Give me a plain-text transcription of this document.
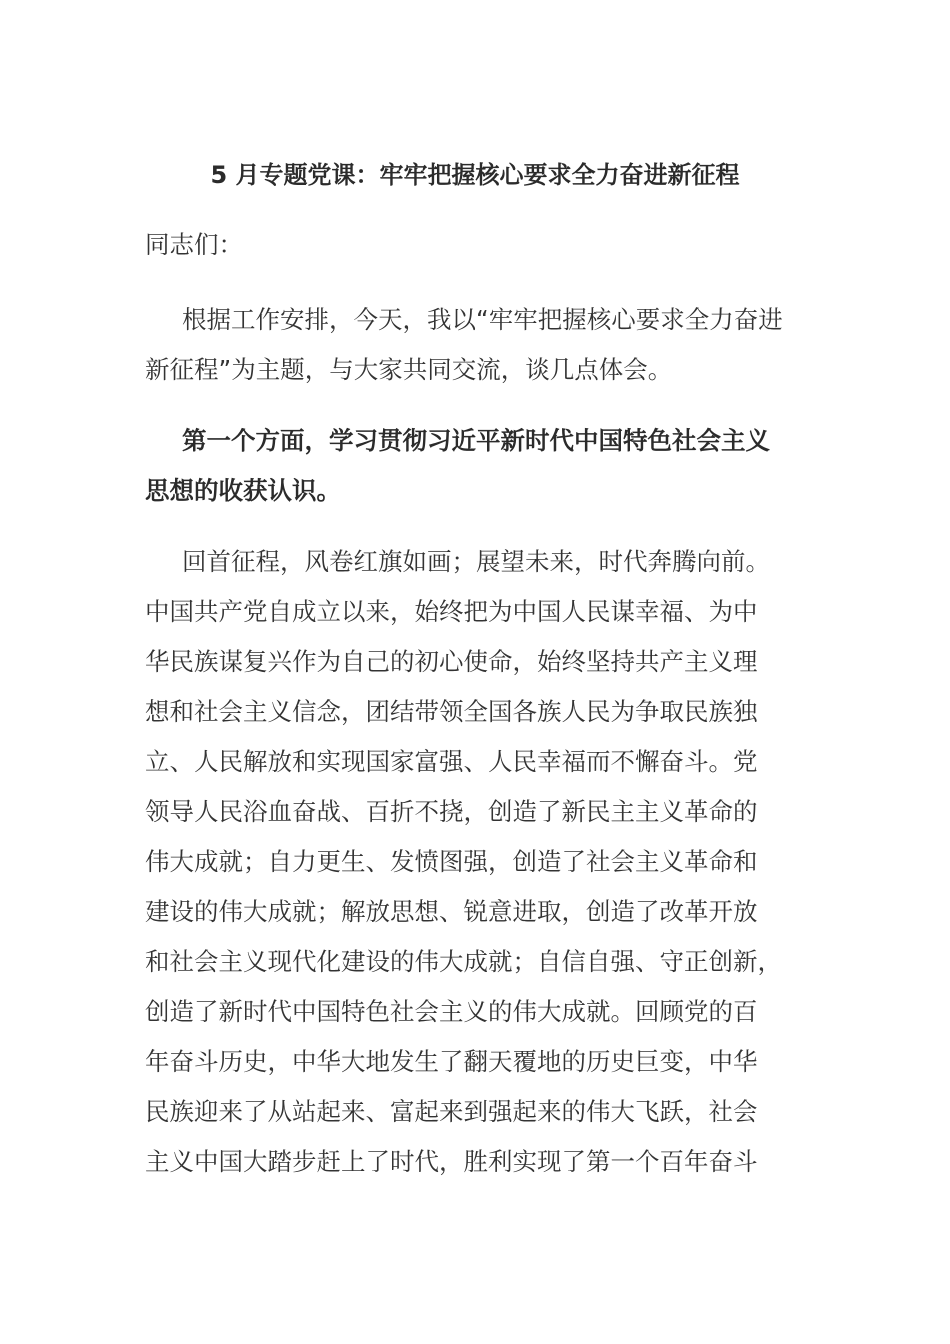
5 月专题党课：牢牢把握核心要求全力奋进新征程

同志们：

根据工作安排，今天，我以“牢牢把握核心要求全力奋进
新征程”为主题，与大家共同交流，谈几点体会。

第一个方面，学习贯彻习近平新时代中国特色社会主义
思想的收获认识。

回首征程，风卷红旗如画；展望未来，时代奔腾向前。
中国共产党自成立以来，始终把为中国人民谋幸福、为中
华民族谋复兴作为自己的初心使命，始终坚持共产主义理
想和社会主义信念，团结带领全国各族人民为争取民族独
立、人民解放和实现国家富强、人民幸福而不懈奋斗。党
领导人民浴血奋战、百折不挠，创造了新民主主义革命的
伟大成就；自力更生、发愤图强，创造了社会主义革命和
建设的伟大成就；解放思想、锐意进取，创造了改革开放
和社会主义现代化建设的伟大成就；自信自强、守正创新，
创造了新时代中国特色社会主义的伟大成就。回顾党的百
年奋斗历史，中华大地发生了翻天覆地的历史巨变，中华
民族迎来了从站起来、富起来到强起来的伟大飞跃，社会
主义中国大踏步赶上了时代，胜利实现了第一个百年奋斗
